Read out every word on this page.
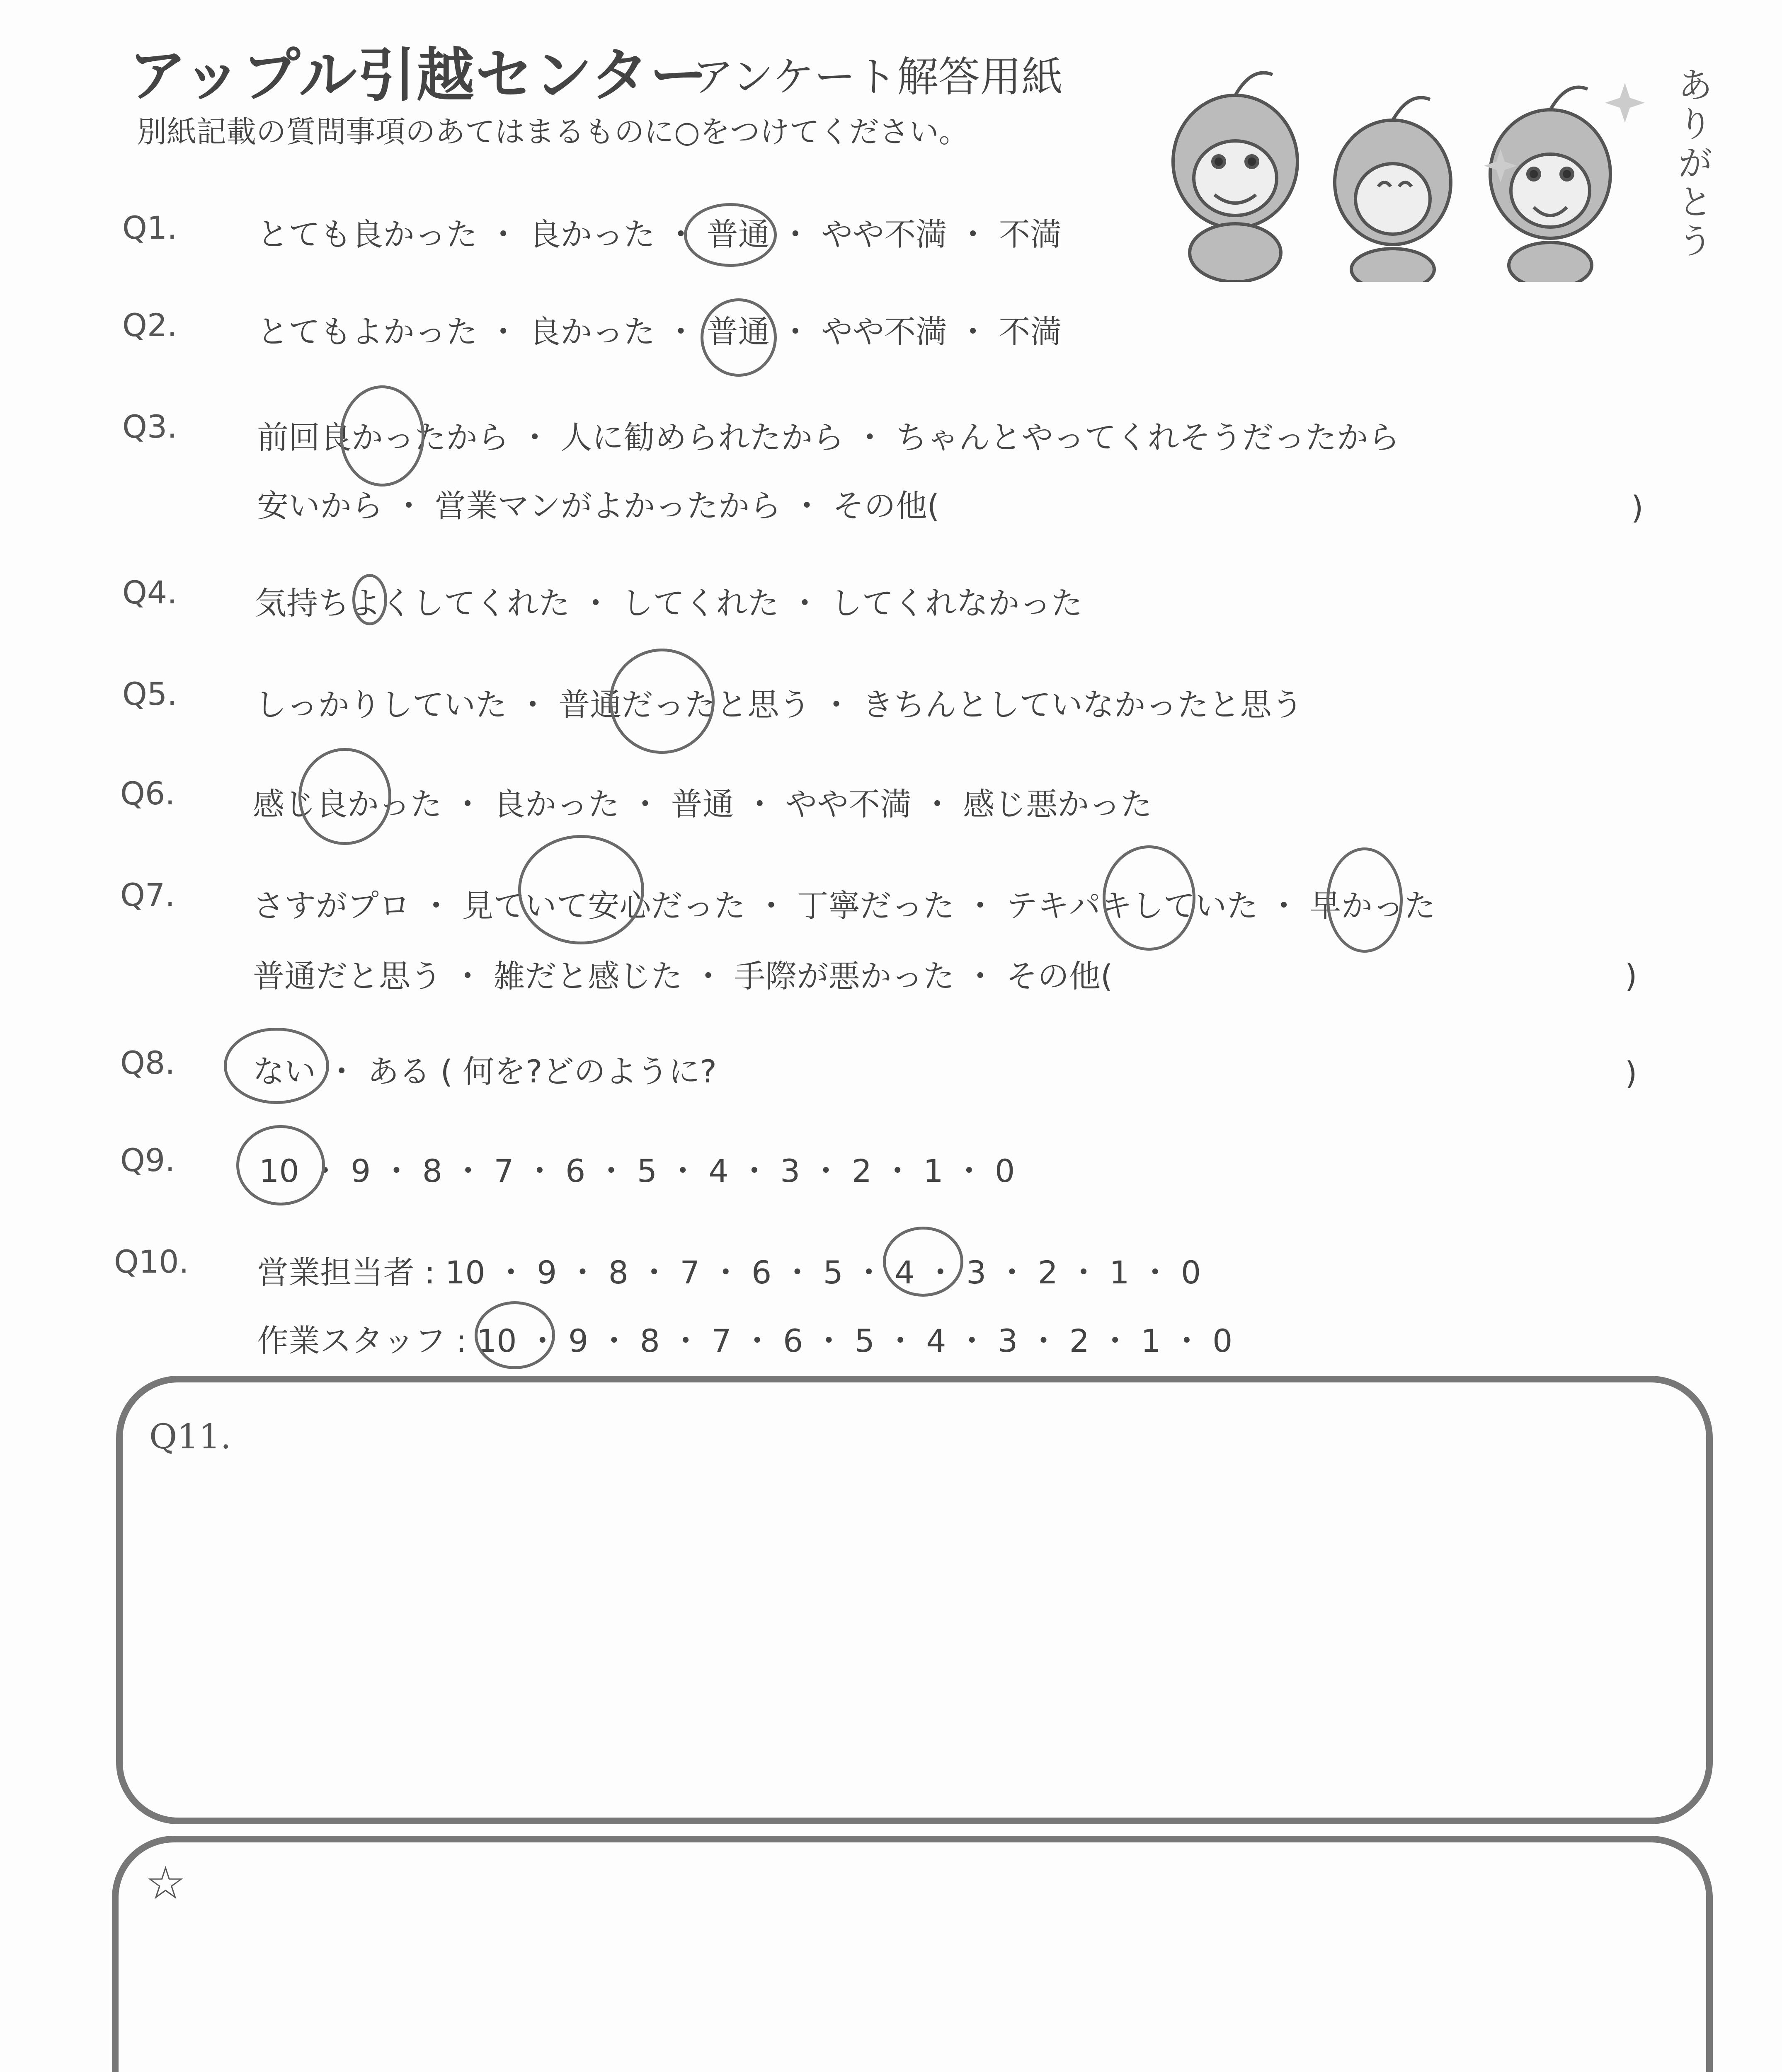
アップル引越センター
アンケート解答用紙
別紙記載の質問事項のあてはまるものに○をつけてください。	ありがとう
Q1.	とても良かった ・ 良かった ・ 普通 ・ やや不満 ・ 不満
Q2.	とてもよかった ・ 良かった ・ 普通 ・ やや不満 ・ 不満
Q3.	前回良かったから ・ 人に勧められたから ・ ちゃんとやってくれそうだったから
安いから ・ 営業マンがよかったから ・ その他(	)
Q4. 気持ちよくしてくれた ・ してくれた ・ してくれなかった
Q5. しっかりしていた ・ 普通だったと思う ・ きちんとしていなかったと思う
Q6. 感じ良かった ・ 良かった ・ 普通 ・ やや不満 ・ 感じ悪かった
Q7. さすがプロ ・ 見ていて安心だった ・ 丁寧だった ・ テキパキしていた ・ 早かった
普通だと思う ・ 雑だと感じた ・ 手際が悪かった ・ その他(	)
Q8. ない ・ ある ( 何を?どのように?	)
Q9.	10 ・ 9 ・ 8 ・ 7 ・ 6 ・ 5 ・ 4 ・ 3 ・ 2 ・ 1 ・ 0
Q10. 営業担当者 : 10 ・ 9 ・ 8 ・ 7 ・ 6 ・ 5 ・ 4 ・ 3 ・ 2 ・ 1 ・ 0
作業スタッフ : 10 ・ 9 ・ 8 ・ 7 ・ 6 ・ 5 ・ 4 ・ 3 ・ 2 ・ 1 ・ 0
Q11.
☆
